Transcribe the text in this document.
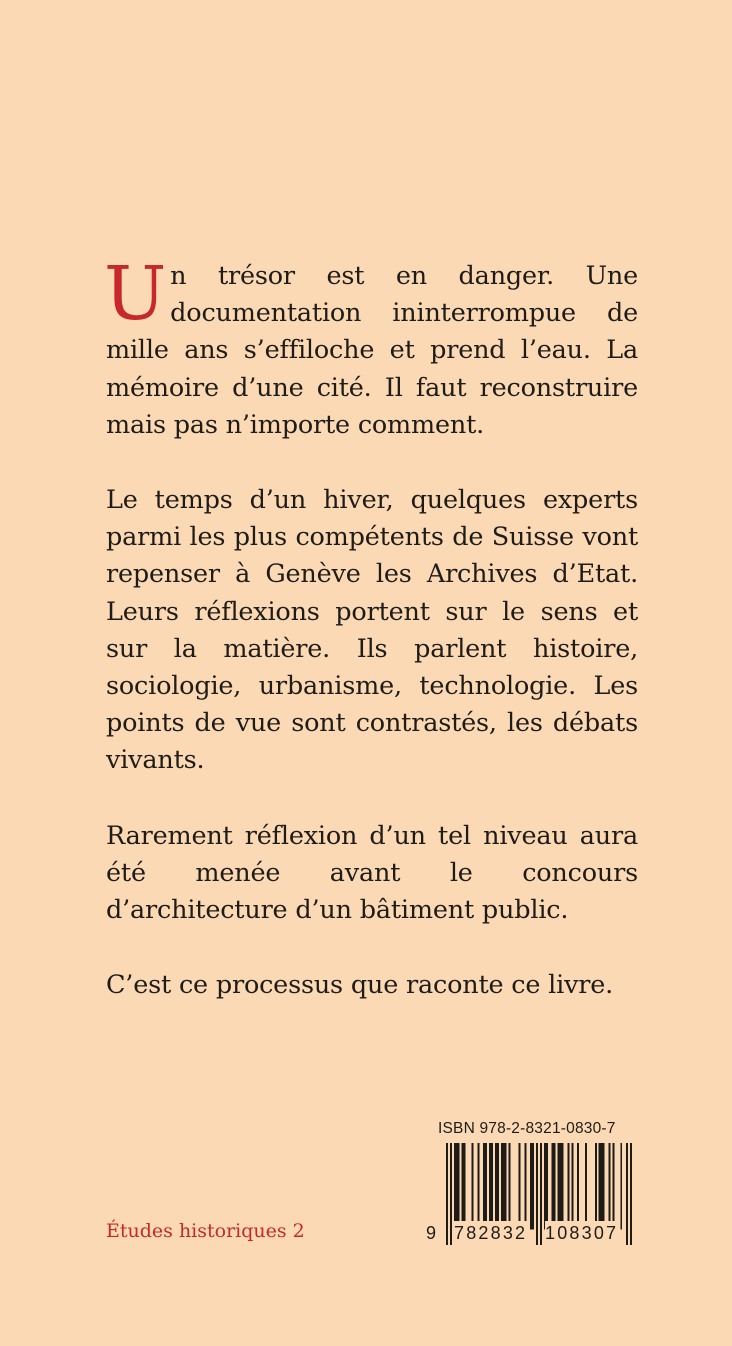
Un trésor est en danger. Une documentation ininterrompue de mille ans s’effiloche et prend l’eau. La mémoire d’une cité. Il faut reconstruire mais pas n’importe comment.

Le temps d’un hiver, quelques experts parmi les plus compétents de Suisse vont repenser à Genève les Archives d’Etat. Leurs réflexions portent sur le sens et sur la matière. Ils parlent histoire, sociologie, urbanisme, technologie. Les points de vue sont contrastés, les débats vivants.

Rarement réflexion d’un tel niveau aura été menée avant le concours d’architecture d’un bâtiment public.

C’est ce processus que raconte ce livre.

Études historiques 2
ISBN 978-2-8321-0830-7
9 782832 108307
